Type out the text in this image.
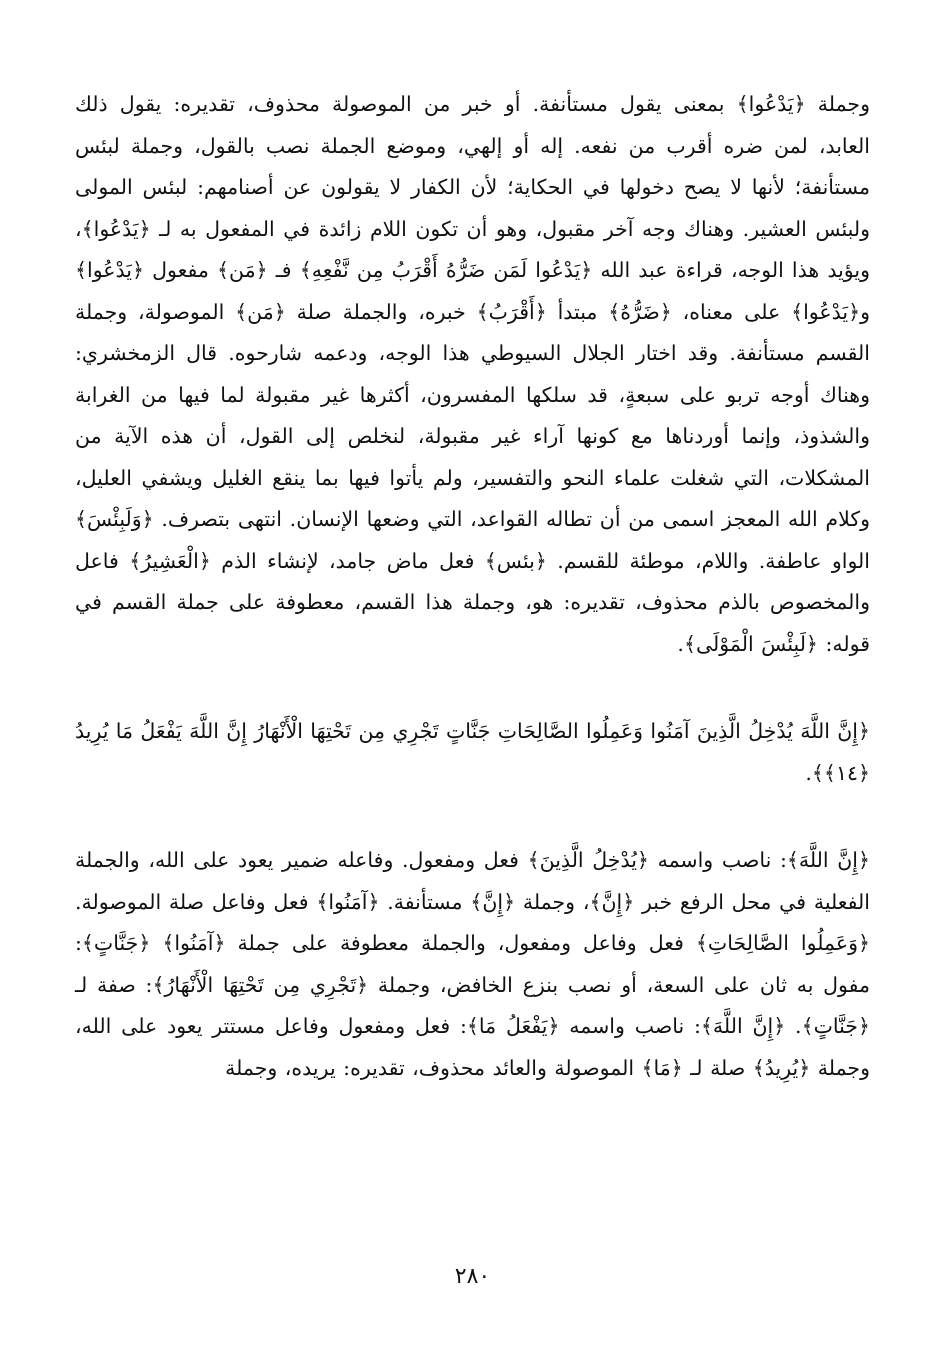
وجملة ﴿يَدْعُوا﴾ بمعنى يقول مستأنفة. أو خبر من الموصولة محذوف، تقديره: يقول ذلك العابد، لمن ضره أقرب من نفعه. إله أو إلهي، وموضع الجملة نصب بالقول، وجملة لبئس مستأنفة؛ لأنها لا يصح دخولها في الحكاية؛ لأن الكفار لا يقولون عن أصنامهم: لبئس المولى ولبئس العشير. وهناك وجه آخر مقبول، وهو أن تكون اللام زائدة في المفعول به لـ ﴿يَدْعُوا﴾، ويؤيد هذا الوجه، قراءة عبد الله ﴿يَدْعُوا لَمَن ضَرُّهُ أَقْرَبُ مِن نَّفْعِهِ﴾ فـ ﴿مَن﴾ مفعول ﴿يَدْعُوا﴾ و﴿يَدْعُوا﴾ على معناه، ﴿ضَرُّهُ﴾ مبتدأ ﴿أَقْرَبُ﴾ خبره، والجملة صلة ﴿مَن﴾ الموصولة، وجملة القسم مستأنفة. وقد اختار الجلال السيوطي هذا الوجه، ودعمه شارحوه. قال الزمخشري: وهناك أوجه تربو على سبعةٍ، قد سلكها المفسرون، أكثرها غير مقبولة لما فيها من الغرابة والشذوذ، وإنما أوردناها مع كونها آراء غير مقبولة، لنخلص إلى القول، أن هذه الآية من المشكلات، التي شغلت علماء النحو والتفسير، ولم يأتوا فيها بما ينقع الغليل ويشفي العليل، وكلام الله المعجز اسمى من أن تطاله القواعد، التي وضعها الإنسان. انتهى بتصرف. ﴿وَلَبِئْسَ﴾ الواو عاطفة. واللام، موطئة للقسم. ﴿بئس﴾ فعل ماض جامد، لإنشاء الذم ﴿الْعَشِيرُ﴾ فاعل والمخصوص بالذم محذوف، تقديره: هو، وجملة هذا القسم، معطوفة على جملة القسم في قوله: ﴿لَبِئْسَ الْمَوْلَى﴾.

﴿إِنَّ اللَّهَ يُدْخِلُ الَّذِينَ آمَنُوا وَعَمِلُوا الصَّالِحَاتِ جَنَّاتٍ تَجْرِي مِن تَحْتِهَا الْأَنْهَارُ إِنَّ اللَّهَ يَفْعَلُ مَا يُرِيدُ ﴿١٤﴾﴾.

﴿إِنَّ اللَّهَ﴾: ناصب واسمه ﴿يُدْخِلُ الَّذِينَ﴾ فعل ومفعول. وفاعله ضمير يعود على الله، والجملة الفعلية في محل الرفع خبر ﴿إِنَّ﴾، وجملة ﴿إِنَّ﴾ مستأنفة. ﴿آمَنُوا﴾ فعل وفاعل صلة الموصولة. ﴿وَعَمِلُوا الصَّالِحَاتِ﴾ فعل وفاعل ومفعول، والجملة معطوفة على جملة ﴿آمَنُوا﴾ ﴿جَنَّاتٍ﴾: مفول به ثان على السعة، أو نصب بنزع الخافض، وجملة ﴿تَجْرِي مِن تَحْتِهَا الْأَنْهَارُ﴾: صفة لـ ﴿جَنَّاتٍ﴾. ﴿إِنَّ اللَّهَ﴾: ناصب واسمه ﴿يَفْعَلُ مَا﴾: فعل ومفعول وفاعل مستتر يعود على الله، وجملة ﴿يُرِيدُ﴾ صلة لـ ﴿مَا﴾ الموصولة والعائد محذوف، تقديره: يريده، وجملة

٢٨٠
